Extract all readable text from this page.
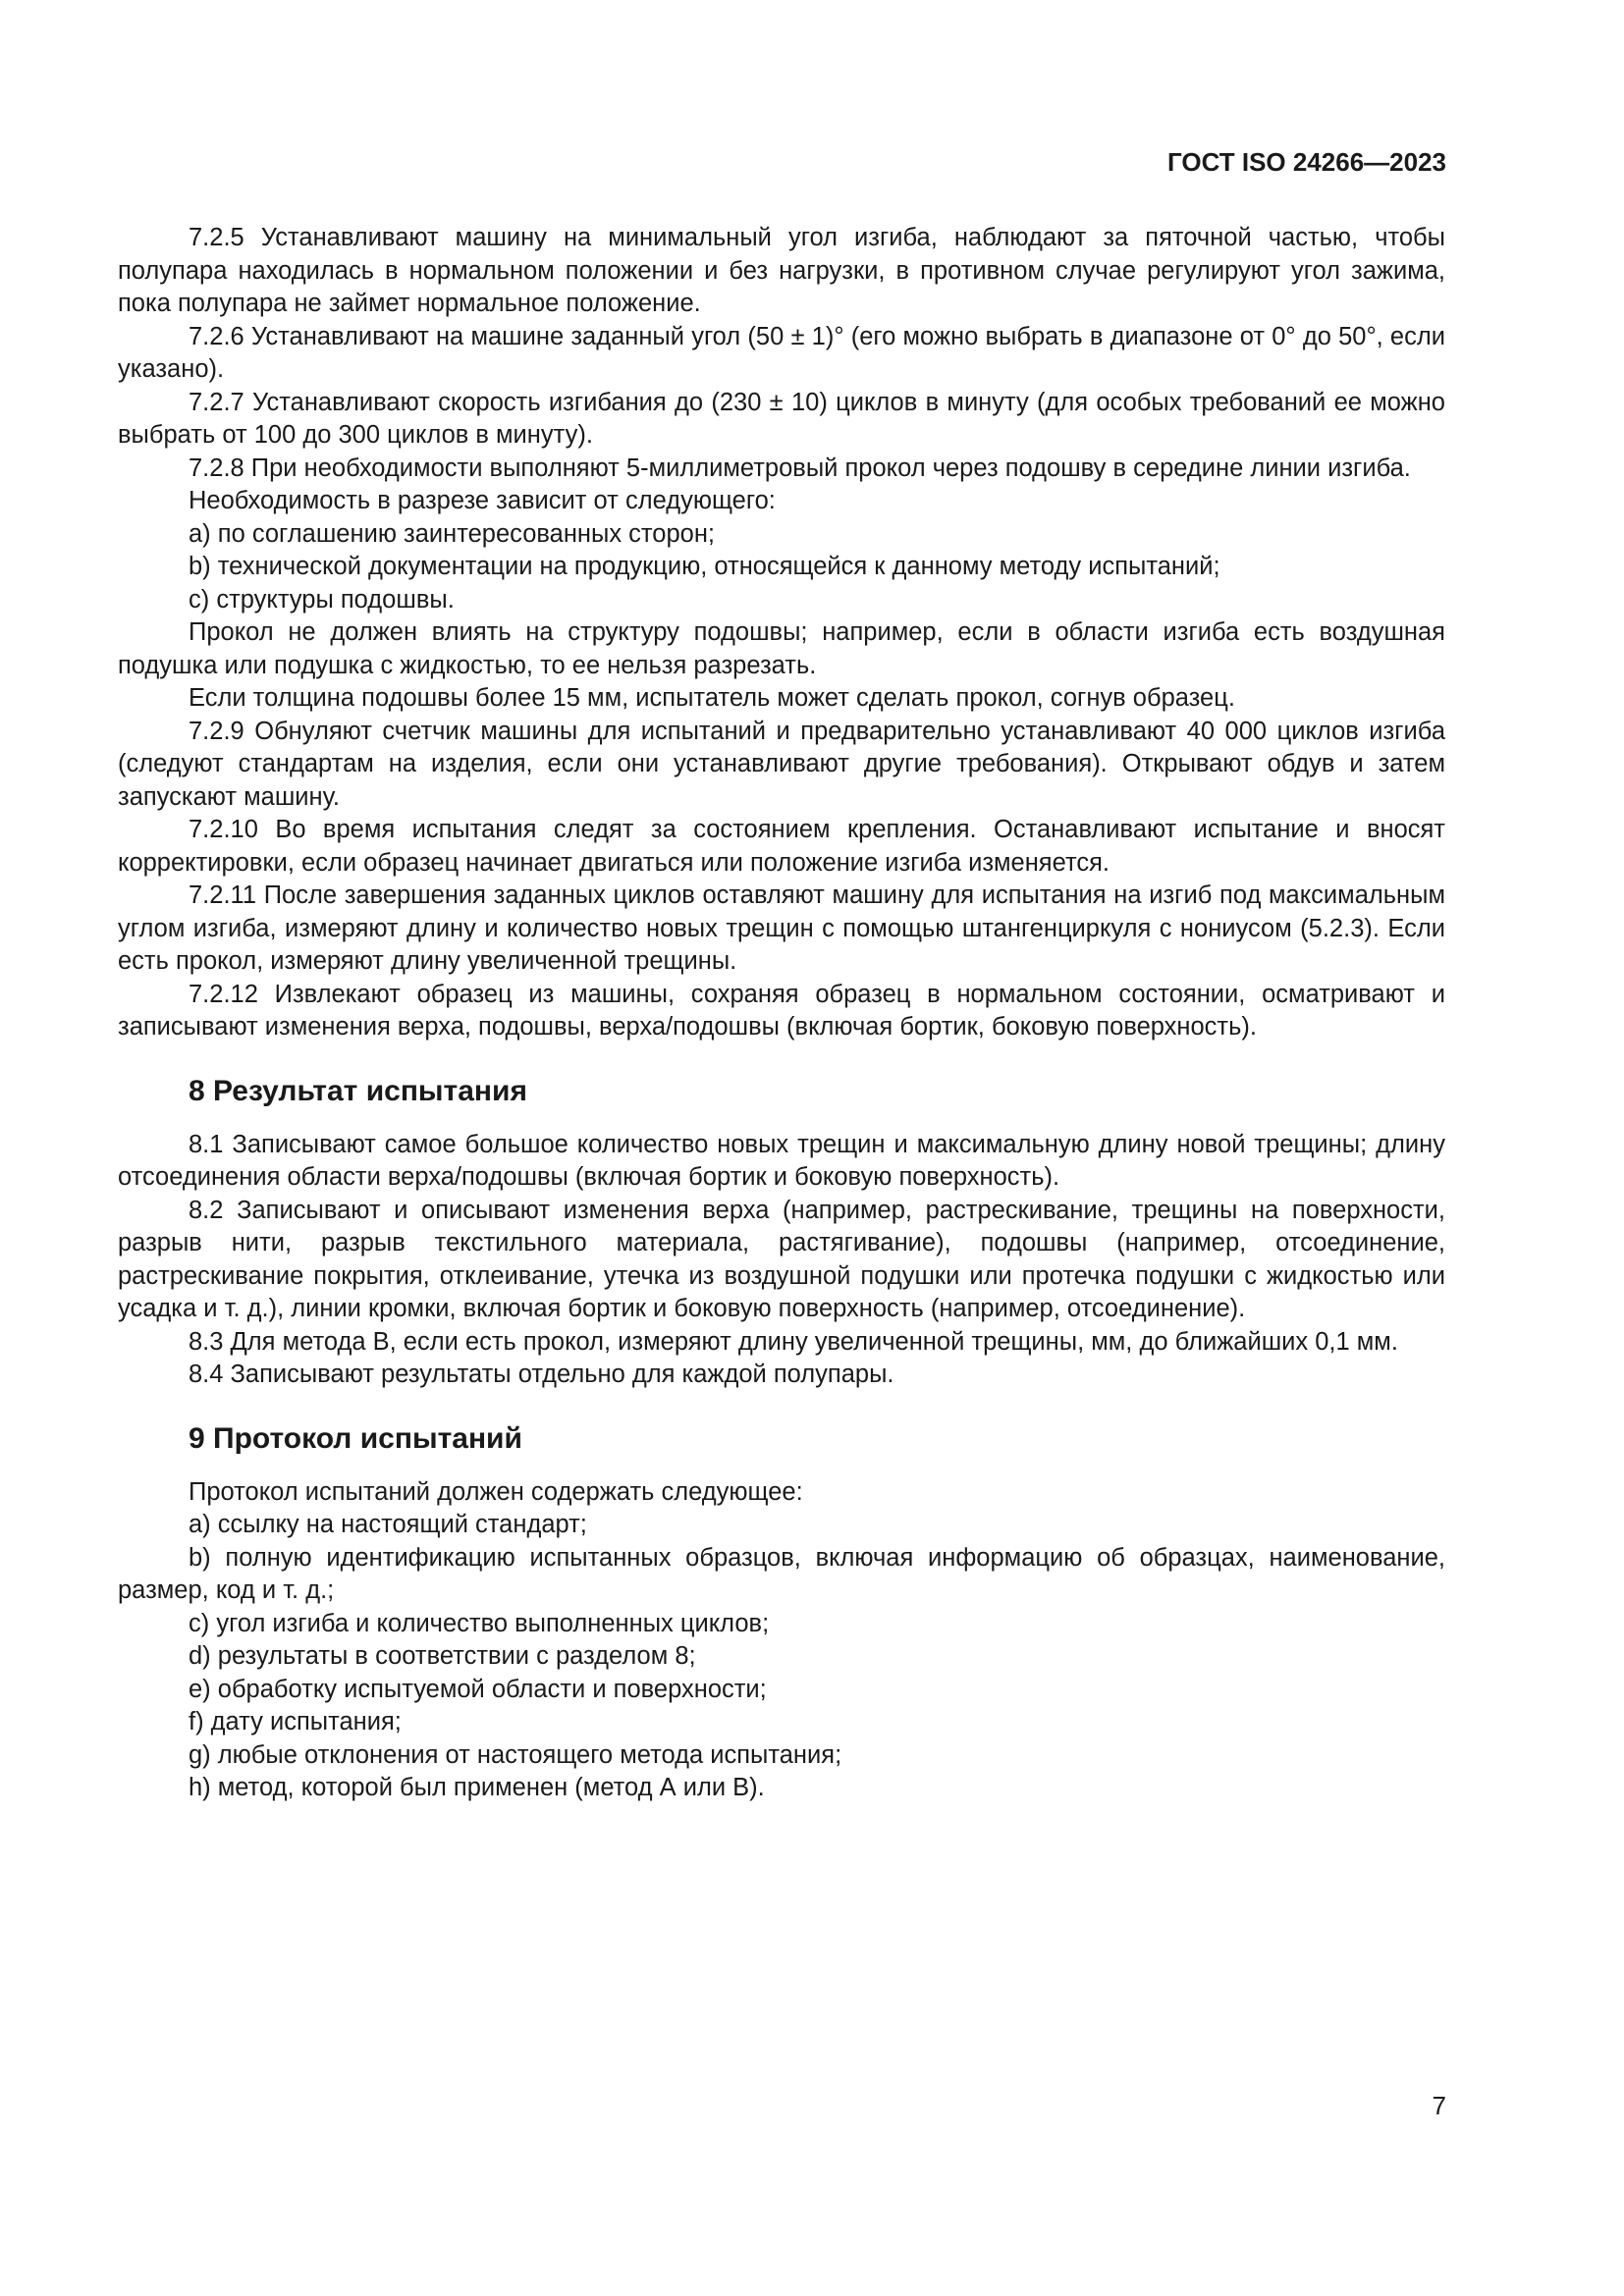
ГОСТ ISO 24266—2023

7.2.5 Устанавливают машину на минимальный угол изгиба, наблюдают за пяточной частью, чтобы полупара находилась в нормальном положении и без нагрузки, в противном случае регулируют угол зажима, пока полупара не займет нормальное положение.

7.2.6 Устанавливают на машине заданный угол (50 ± 1)° (его можно выбрать в диапазоне от 0° до 50°, если указано).

7.2.7 Устанавливают скорость изгибания до (230 ± 10) циклов в минуту (для особых требований ее можно выбрать от 100 до 300 циклов в минуту).

7.2.8 При необходимости выполняют 5-миллиметровый прокол через подошву в середине линии изгиба.

Необходимость в разрезе зависит от следующего:

a) по соглашению заинтересованных сторон;

b) технической документации на продукцию, относящейся к данному методу испытаний;

c) структуры подошвы.

Прокол не должен влиять на структуру подошвы; например, если в области изгиба есть воздушная подушка или подушка с жидкостью, то ее нельзя разрезать.

Если толщина подошвы более 15 мм, испытатель может сделать прокол, согнув образец.

7.2.9 Обнуляют счетчик машины для испытаний и предварительно устанавливают 40 000 циклов изгиба (следуют стандартам на изделия, если они устанавливают другие требования). Открывают обдув и затем запускают машину.

7.2.10 Во время испытания следят за состоянием крепления. Останавливают испытание и вносят корректировки, если образец начинает двигаться или положение изгиба изменяется.

7.2.11 После завершения заданных циклов оставляют машину для испытания на изгиб под максимальным углом изгиба, измеряют длину и количество новых трещин с помощью штангенциркуля с нониусом (5.2.3). Если есть прокол, измеряют длину увеличенной трещины.

7.2.12 Извлекают образец из машины, сохраняя образец в нормальном состоянии, осматривают и записывают изменения верха, подошвы, верха/подошвы (включая бортик, боковую поверхность).

8 Результат испытания

8.1 Записывают самое большое количество новых трещин и максимальную длину новой трещины; длину отсоединения области верха/подошвы (включая бортик и боковую поверхность).

8.2 Записывают и описывают изменения верха (например, растрескивание, трещины на поверхности, разрыв нити, разрыв текстильного материала, растягивание), подошвы (например, отсоединение, растрескивание покрытия, отклеивание, утечка из воздушной подушки или протечка подушки с жидкостью или усадка и т. д.), линии кромки, включая бортик и боковую поверхность (например, отсоединение).

8.3 Для метода В, если есть прокол, измеряют длину увеличенной трещины, мм, до ближайших 0,1 мм.

8.4 Записывают результаты отдельно для каждой полупары.

9 Протокол испытаний

Протокол испытаний должен содержать следующее:

a) ссылку на настоящий стандарт;

b) полную идентификацию испытанных образцов, включая информацию об образцах, наименование, размер, код и т. д.;

c) угол изгиба и количество выполненных циклов;

d) результаты в соответствии с разделом 8;

e) обработку испытуемой области и поверхности;

f) дату испытания;

g) любые отклонения от настоящего метода испытания;

h) метод, которой был применен (метод А или В).

7
